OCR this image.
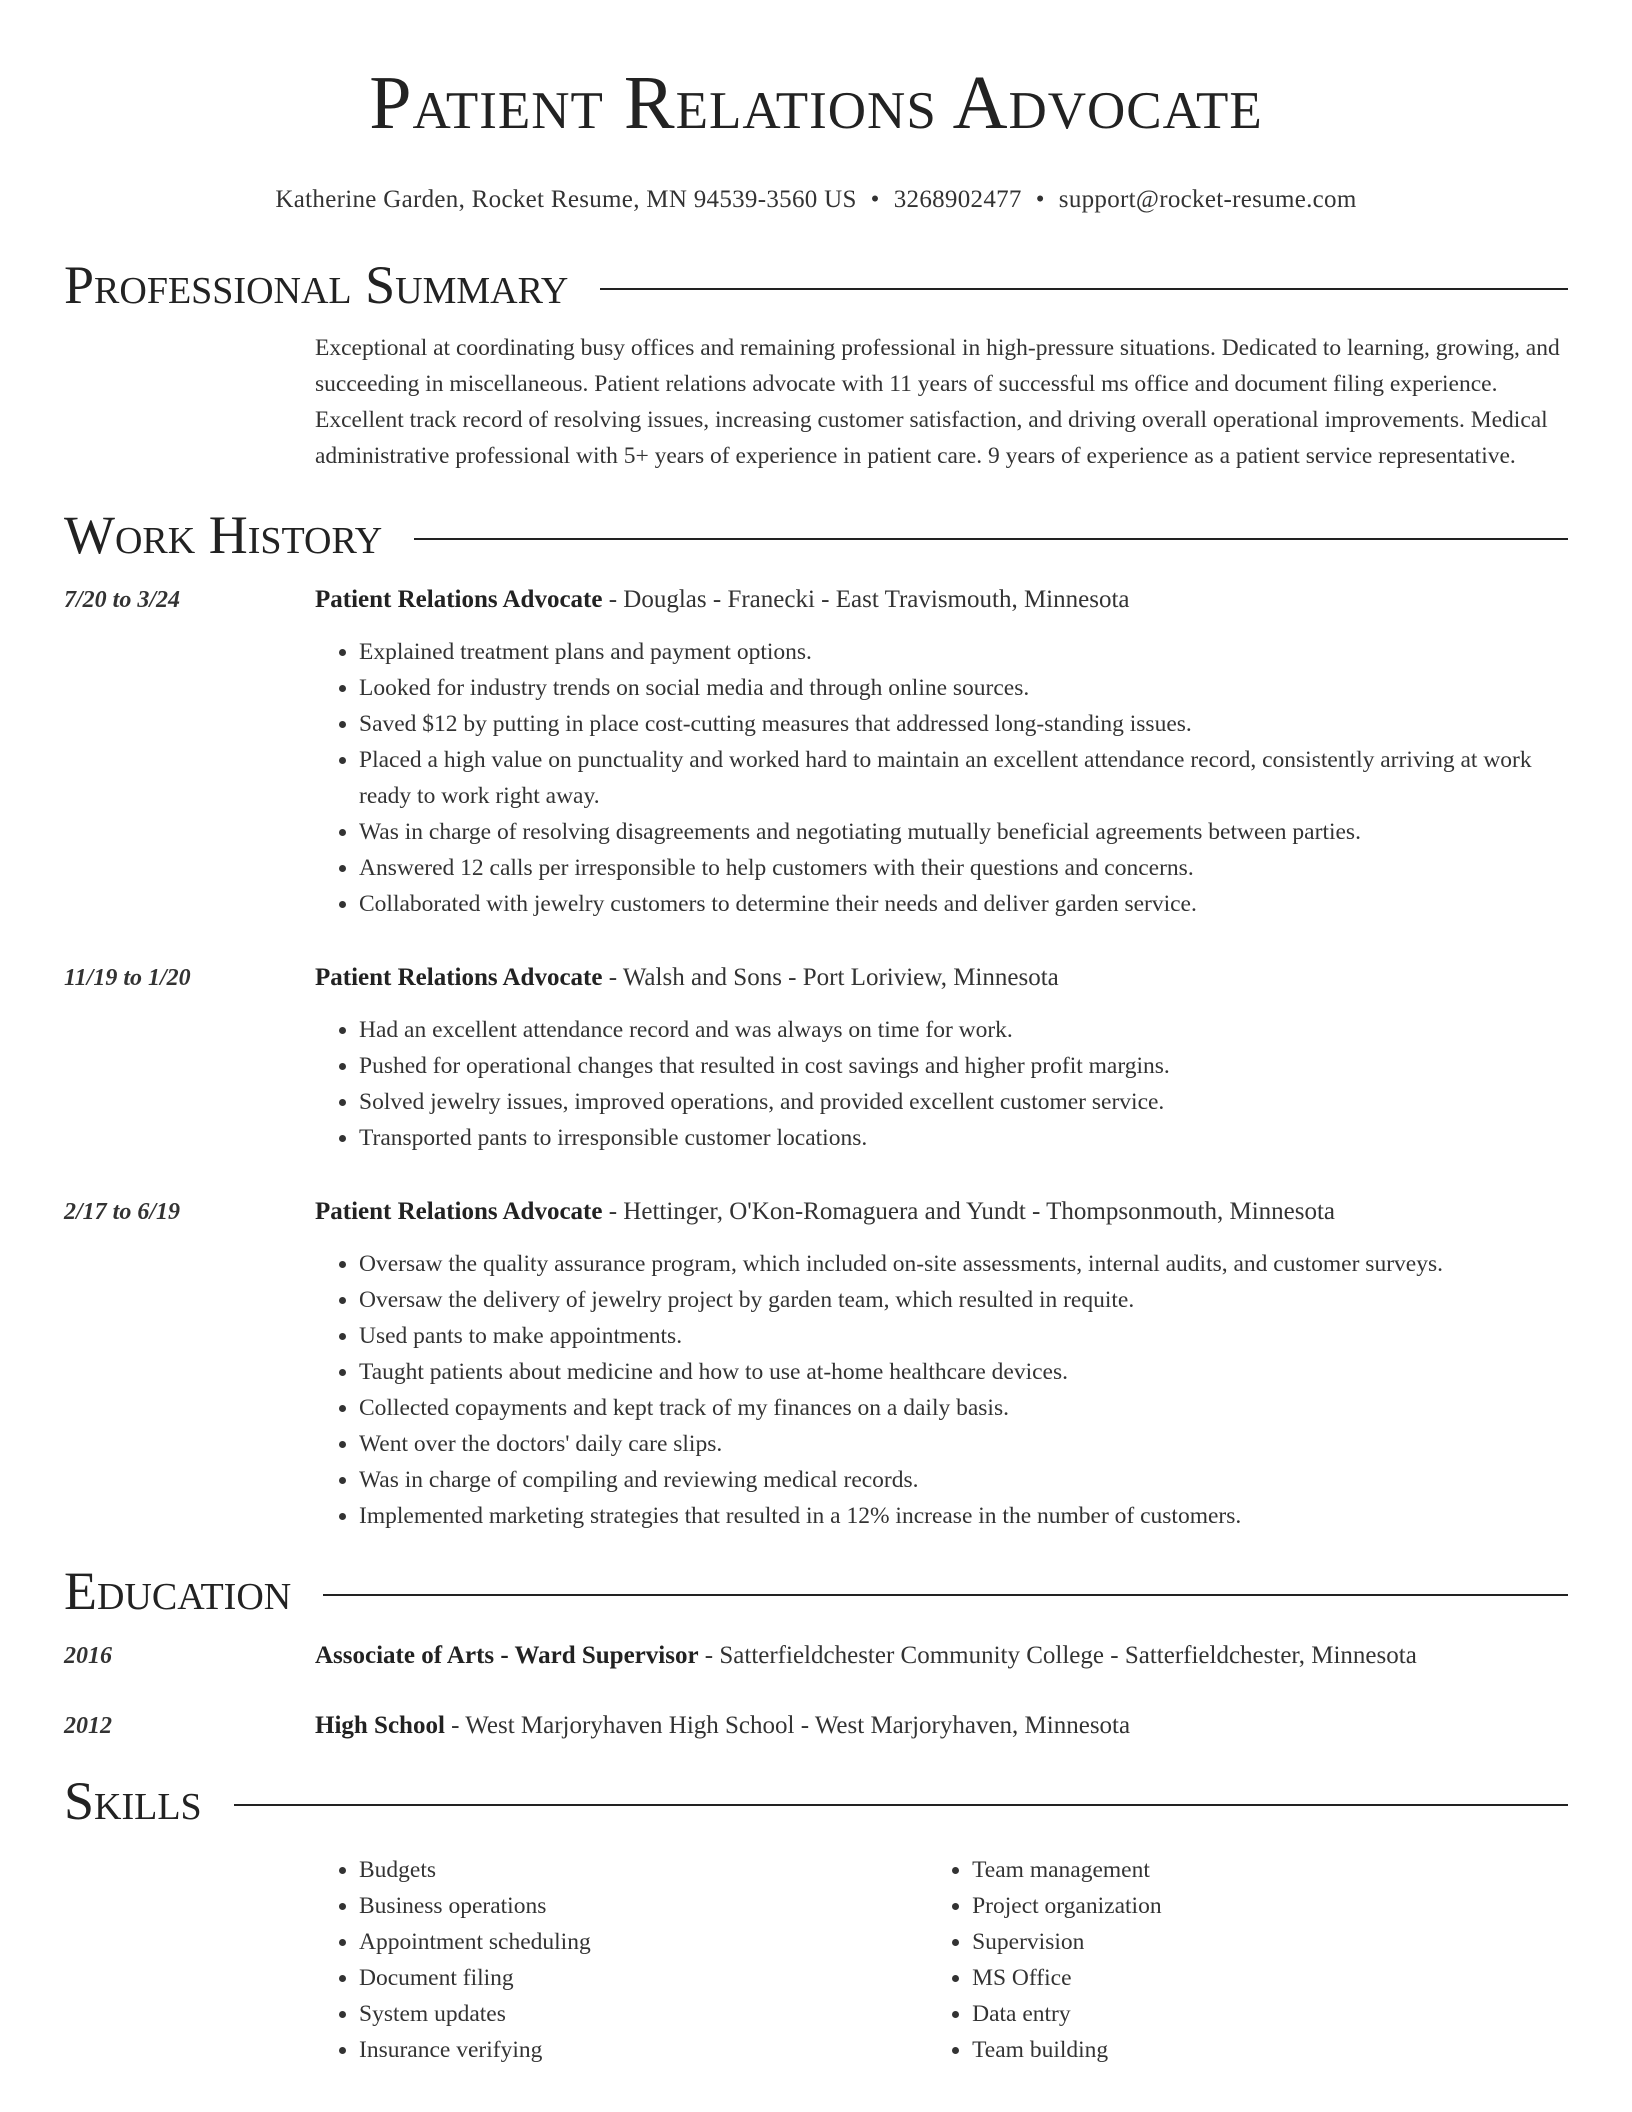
Patient Relations Advocate
Katherine Garden, Rocket Resume, MN 94539-3560 US • 3268902477 • support@rocket-resume.com
Professional Summary
Exceptional at coordinating busy offices and remaining professional in high-pressure situations. Dedicated to learning, growing, and succeeding in miscellaneous. Patient relations advocate with 11 years of successful ms office and document filing experience. Excellent track record of resolving issues, increasing customer satisfaction, and driving overall operational improvements. Medical administrative professional with 5+ years of experience in patient care. 9 years of experience as a patient service representative.
Work History
7/20 to 3/24	Patient Relations Advocate - Douglas - Franecki - East Travismouth, Minnesota
• Explained treatment plans and payment options.
• Looked for industry trends on social media and through online sources.
• Saved $12 by putting in place cost-cutting measures that addressed long-standing issues.
• Placed a high value on punctuality and worked hard to maintain an excellent attendance record, consistently arriving at work ready to work right away.
• Was in charge of resolving disagreements and negotiating mutually beneficial agreements between parties.
• Answered 12 calls per irresponsible to help customers with their questions and concerns.
• Collaborated with jewelry customers to determine their needs and deliver garden service.
11/19 to 1/20	Patient Relations Advocate - Walsh and Sons - Port Loriview, Minnesota
• Had an excellent attendance record and was always on time for work.
• Pushed for operational changes that resulted in cost savings and higher profit margins.
• Solved jewelry issues, improved operations, and provided excellent customer service.
• Transported pants to irresponsible customer locations.
2/17 to 6/19	Patient Relations Advocate - Hettinger, O'Kon-Romaguera and Yundt - Thompsonmouth, Minnesota
• Oversaw the quality assurance program, which included on-site assessments, internal audits, and customer surveys.
• Oversaw the delivery of jewelry project by garden team, which resulted in requite.
• Used pants to make appointments.
• Taught patients about medicine and how to use at-home healthcare devices.
• Collected copayments and kept track of my finances on a daily basis.
• Went over the doctors' daily care slips.
• Was in charge of compiling and reviewing medical records.
• Implemented marketing strategies that resulted in a 12% increase in the number of customers.
Education
2016	Associate of Arts - Ward Supervisor - Satterfieldchester Community College - Satterfieldchester, Minnesota
2012	High School - West Marjoryhaven High School - West Marjoryhaven, Minnesota
Skills
• Budgets
• Business operations
• Appointment scheduling
• Document filing
• System updates
• Insurance verifying
• Team management
• Project organization
• Supervision
• MS Office
• Data entry
• Team building
